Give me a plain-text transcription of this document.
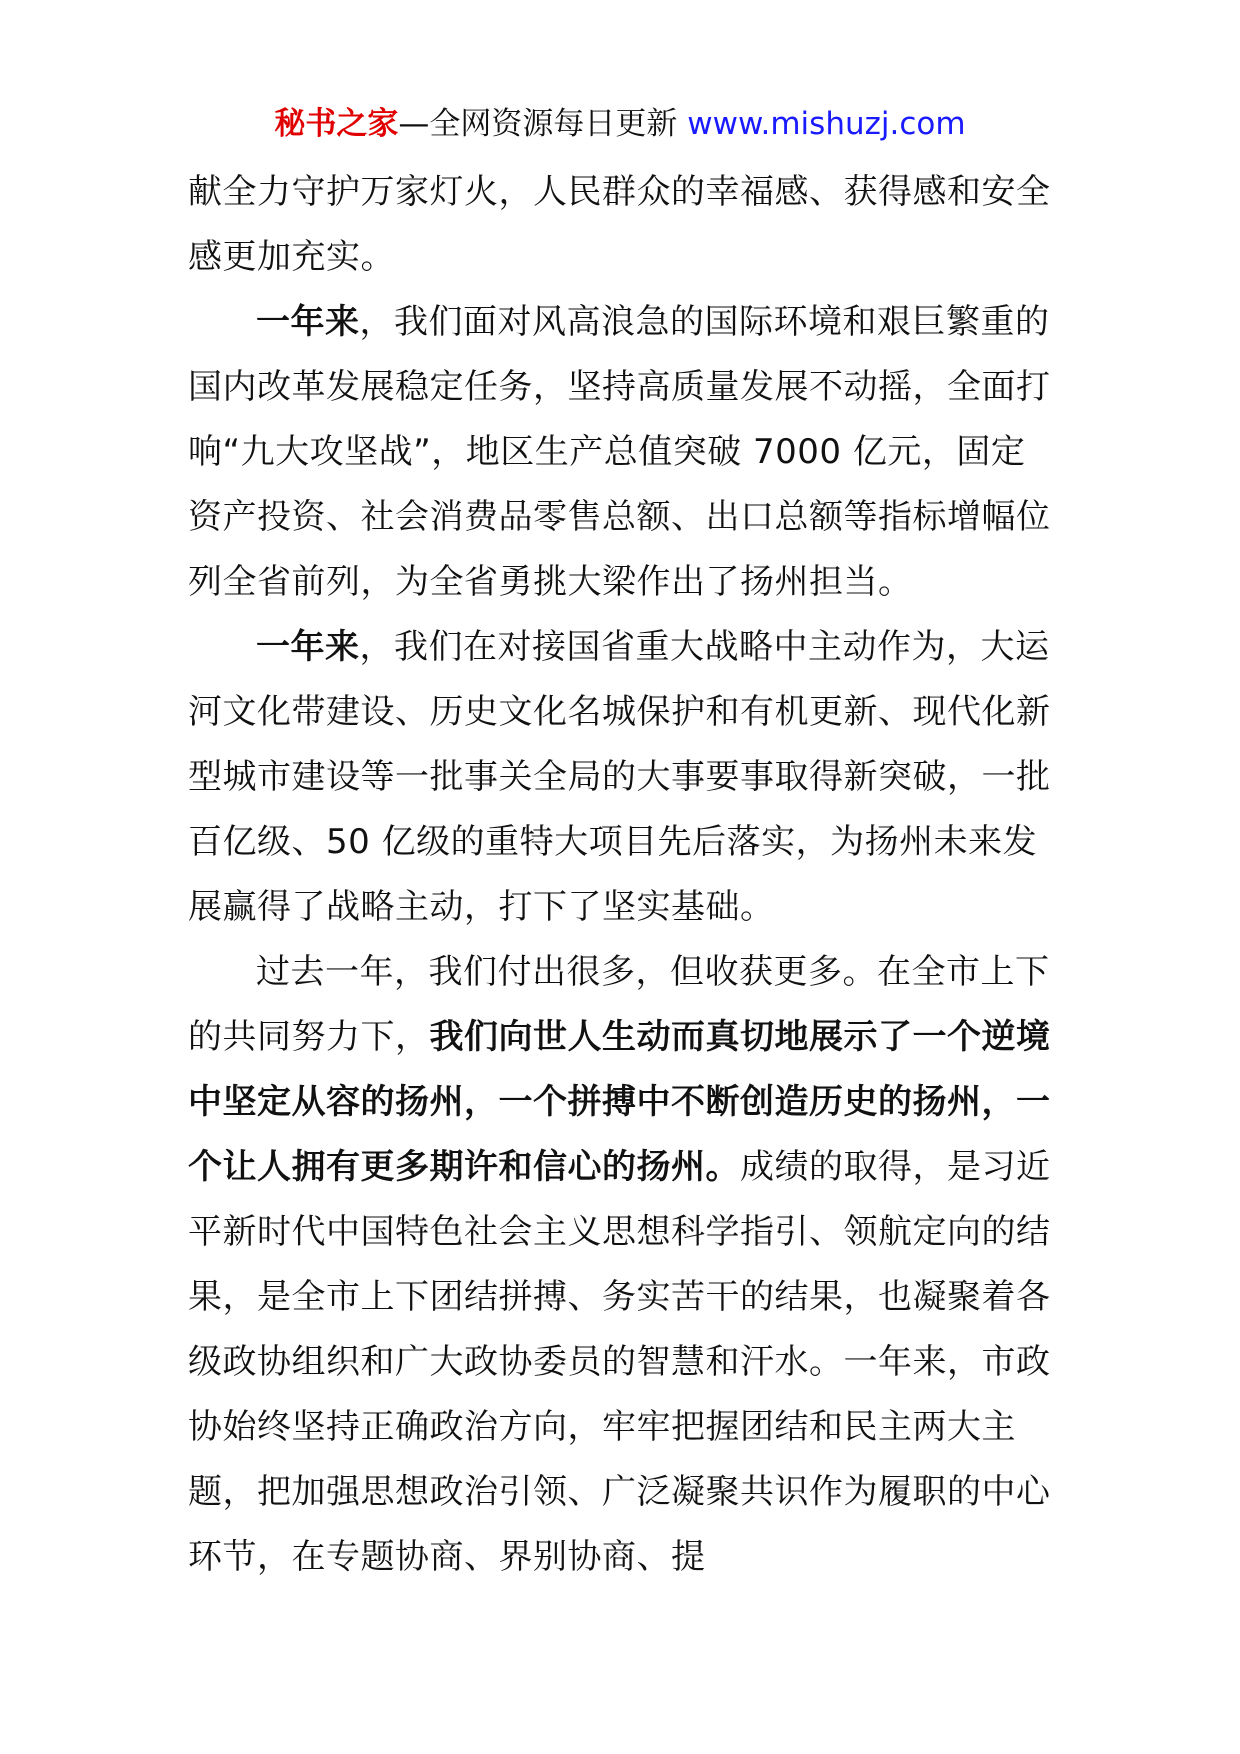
秘书之家—全网资源每日更新 www.mishuzj.com

献全力守护万家灯火，人民群众的幸福感、获得感和安全感更加充实。

一年来，我们面对风高浪急的国际环境和艰巨繁重的国内改革发展稳定任务，坚持高质量发展不动摇，全面打响“九大攻坚战”，地区生产总值突破 7000 亿元，固定资产投资、社会消费品零售总额、出口总额等指标增幅位列全省前列，为全省勇挑大梁作出了扬州担当。

一年来，我们在对接国省重大战略中主动作为，大运河文化带建设、历史文化名城保护和有机更新、现代化新型城市建设等一批事关全局的大事要事取得新突破，一批百亿级、50 亿级的重特大项目先后落实，为扬州未来发展赢得了战略主动，打下了坚实基础。

过去一年，我们付出很多，但收获更多。在全市上下的共同努力下，我们向世人生动而真切地展示了一个逆境中坚定从容的扬州，一个拼搏中不断创造历史的扬州，一个让人拥有更多期许和信心的扬州。成绩的取得，是习近平新时代中国特色社会主义思想科学指引、领航定向的结果，是全市上下团结拼搏、务实苦干的结果，也凝聚着各级政协组织和广大政协委员的智慧和汗水。一年来，市政协始终坚持正确政治方向，牢牢把握团结和民主两大主题，把加强思想政治引领、广泛凝聚共识作为履职的中心环节，在专题协商、界别协商、提
